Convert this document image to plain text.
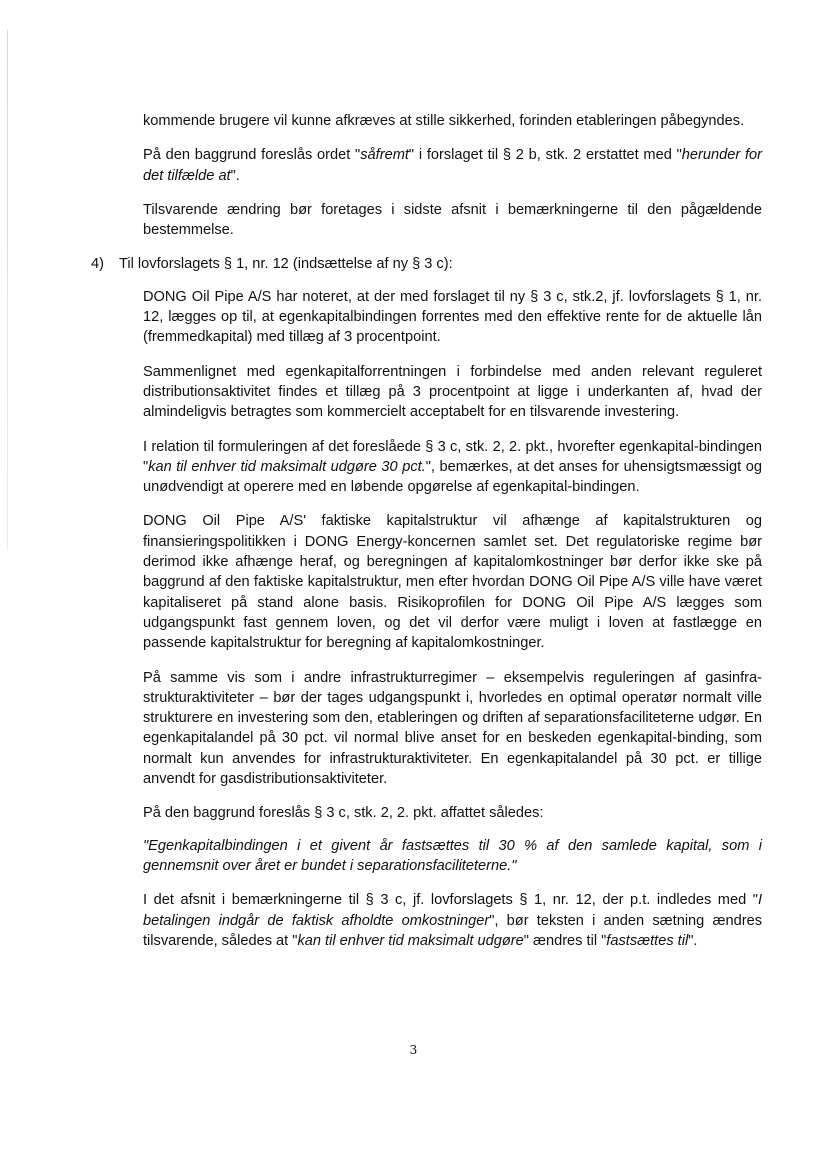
kommende brugere vil kunne afkræves at stille sikkerhed, forinden etableringen påbegyndes.

På den baggrund foreslås ordet "såfremt" i forslaget til § 2 b, stk. 2 erstattet med "herunder for det tilfælde at".

Tilsvarende ændring bør foretages i sidste afsnit i bemærkningerne til den pågældende bestemmelse.

4) Til lovforslagets § 1, nr. 12 (indsættelse af ny § 3 c):

DONG Oil Pipe A/S har noteret, at der med forslaget til ny § 3 c, stk.2, jf. lovforslagets § 1, nr. 12, lægges op til, at egenkapitalbindingen forrentes med den effektive rente for de aktuelle lån (fremmedkapital) med tillæg af 3 procentpoint.

Sammenlignet med egenkapitalforrentningen i forbindelse med anden relevant reguleret distributionsaktivitet findes et tillæg på 3 procentpoint at ligge i underkanten af, hvad der almindeligvis betragtes som kommercielt acceptabelt for en tilsvarende investering.

I relation til formuleringen af det foreslåede § 3 c, stk. 2, 2. pkt., hvorefter egenkapital-bindingen "kan til enhver tid maksimalt udgøre 30 pct.", bemærkes, at det anses for uhensigtsmæssigt og unødvendigt at operere med en løbende opgørelse af egenkapital-bindingen.

DONG Oil Pipe A/S' faktiske kapitalstruktur vil afhænge af kapitalstrukturen og finansieringspolitikken i DONG Energy-koncernen samlet set. Det regulatoriske regime bør derimod ikke afhænge heraf, og beregningen af kapitalomkostninger bør derfor ikke ske på baggrund af den faktiske kapitalstruktur, men efter hvordan DONG Oil Pipe A/S ville have været kapitaliseret på stand alone basis. Risikoprofilen for DONG Oil Pipe A/S lægges som udgangspunkt fast gennem loven, og det vil derfor være muligt i loven at fastlægge en passende kapitalstruktur for beregning af kapitalomkostninger.

På samme vis som i andre infrastrukturregimer – eksempelvis reguleringen af gasinfra-strukturaktiviteter – bør der tages udgangspunkt i, hvorledes en optimal operatør normalt ville strukturere en investering som den, etableringen og driften af separationsfaciliteterne udgør. En egenkapitalandel på 30 pct. vil normal blive anset for en beskeden egenkapital-binding, som normalt kun anvendes for infrastrukturaktiviteter. En egenkapitalandel på 30 pct. er tillige anvendt for gasdistributionsaktiviteter.

På den baggrund foreslås § 3 c, stk. 2, 2. pkt. affattet således:

"Egenkapitalbindingen i et givent år fastsættes til 30 % af den samlede kapital, som i gennemsnit over året er bundet i separationsfaciliteterne."

I det afsnit i bemærkningerne til § 3 c, jf. lovforslagets § 1, nr. 12, der p.t. indledes med "I betalingen indgår de faktisk afholdte omkostninger", bør teksten i anden sætning ændres tilsvarende, således at "kan til enhver tid maksimalt udgøre" ændres til "fastsættes til".

3
